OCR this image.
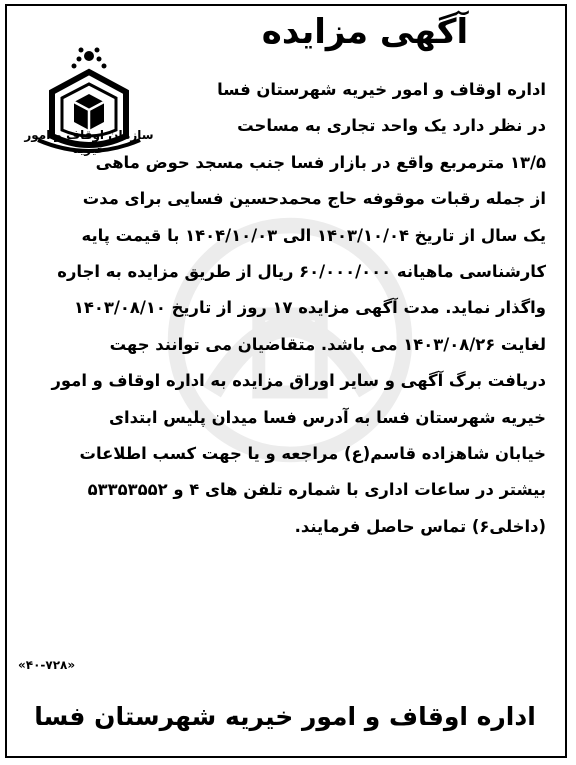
سازمان اوقاف و امور خیریه
آگهی مزایده
اداره اوقاف و امور خیریه شهرستان فسا
در نظر دارد یک واحد تجاری به مساحت
۱۳/۵ مترمربع واقع در بازار فسا جنب مسجد حوض ماهی
از جمله رقبات موقوفه حاج محمدحسین فسایی برای مدت
یک سال از تاریخ ۱۴۰۳/۱۰/۰۴ الی ۱۴۰۴/۱۰/۰۳ با قیمت پایه
کارشناسی ماهیانه ۶۰/۰۰۰/۰۰۰ ریال از طریق مزایده به اجاره
واگذار نماید. مدت آگهی مزایده ۱۷ روز از تاریخ ۱۴۰۳/۰۸/۱۰
لغایت ۱۴۰۳/۰۸/۲۶ می باشد. متقاضیان می توانند جهت
دریافت برگ آگهی و سایر اوراق مزایده به اداره اوقاف و امور
خیریه شهرستان فسا به آدرس فسا میدان پلیس ابتدای
خیابان شاهزاده قاسم(ع) مراجعه و یا جهت کسب اطلاعات
بیشتر در ساعات اداری با شماره تلفن های ۴ و ۵۳۳۵۳۵۵۲
(داخلی۶) تماس حاصل فرمایند.
«۴۰-۷۲۸»
اداره اوقاف و امور خیریه شهرستان فسا
